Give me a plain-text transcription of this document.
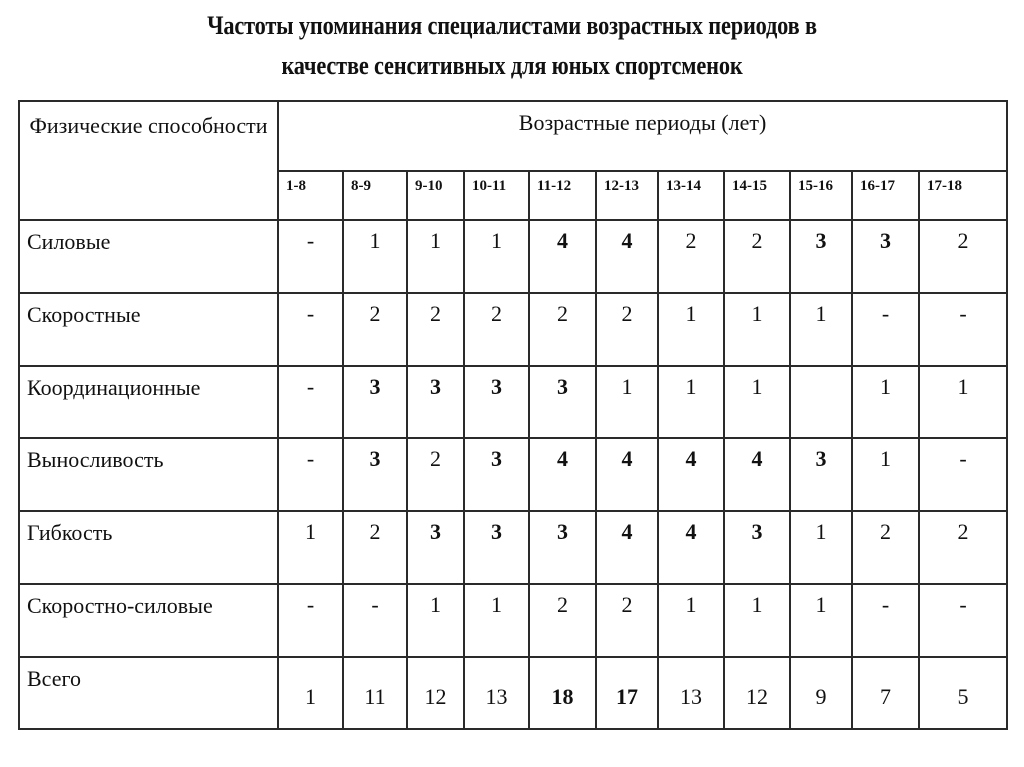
Частоты упоминания специалистами возрастных периодов в
качестве сенситивных для юных спортсменок
Физические способности	Возрастные периоды (лет)										
	1-8	8-9	9-10	10-11	11-12	12-13	13-14	14-15	15-16	16-17	17-18
Силовые	-	1	1	1	4	4	2	2	3	3	2
Скоростные	-	2	2	2	2	2	1	1	1	-	-
Координационные	-	3	3	3	3	1	1	1		1	1
Выносливость	-	3	2	3	4	4	4	4	3	1	-
Гибкость	1	2	3	3	3	4	4	3	1	2	2
Скоростно-силовые	-	-	1	1	2	2	1	1	1	-	-
Всего	1	11	12	13	18	17	13	12	9	7	5
